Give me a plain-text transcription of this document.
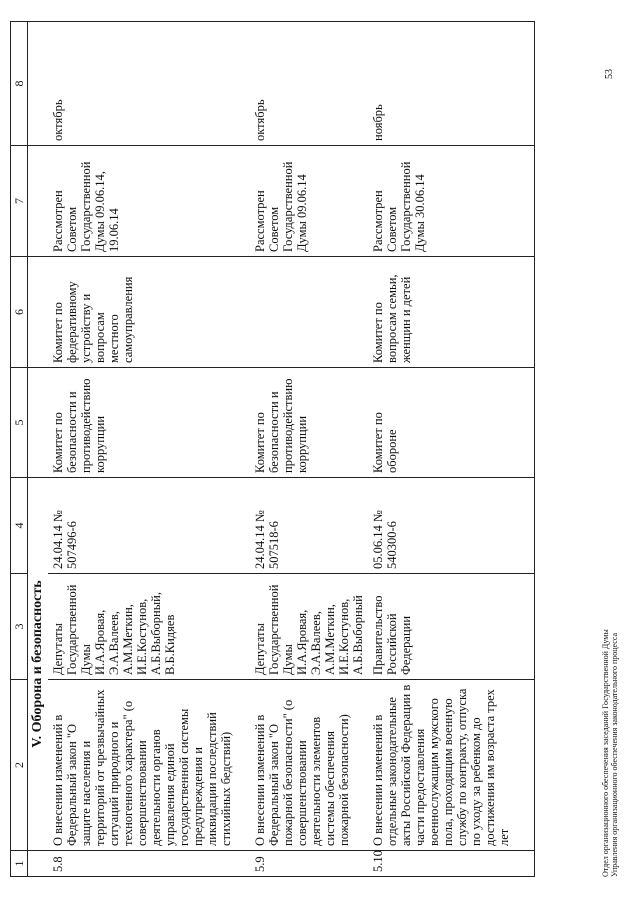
1	2	3	4	5	6	7	8
	V. Оборона и безопасность						
5.8	О внесении изменений в Федеральный закон "О защите населения и территорий от чрезвычайных ситуаций природного и техногенного характера" (о совершенствовании деятельности органов управления единой государственной системы предупреждения и ликвидации последствий стихийных бедствий)	Депутаты Государственной Думы И.А.Яровая, Э.А.Валеев, А.М.Меткин, И.Е.Костунов, А.Б.Выборный, В.Б.Кидяев	24.04.14 № 507496-6	Комитет по безопасности и противодействию коррупции	Комитет по федеративному устройству и вопросам местного самоуправления	Рассмотрен Советом Государственной Думы 09.06.14, 19.06.14	октябрь
5.9	О внесении изменений в Федеральный закон "О пожарной безопасности" (о совершенствовании деятельности элементов системы обеспечения пожарной безопасности)	Депутаты Государственной Думы И.А.Яровая, Э.А.Валеев, А.М.Меткин, И.Е.Костунов, А.Б.Выборный	24.04.14 № 507518-6	Комитет по безопасности и противодействию коррупции		Рассмотрен Советом Государственной Думы 09.06.14	октябрь
5.10	О внесении изменений в отдельные законодательные акты Российской Федерации в части предоставления военнослужащим мужского пола, проходящим военную службу по контракту, отпуска по уходу за ребенком до достижения им возраста трех лет	Правительство Российской Федерации	05.06.14 № 540300-6	Комитет по обороне	Комитет по вопросам семьи, женщин и детей	Рассмотрен Советом Государственной Думы 30.06.14	ноябрь
Отдел организационного обеспечения заседаний Государственной Думы Управления организационного обеспечения законодательного процесса
53
